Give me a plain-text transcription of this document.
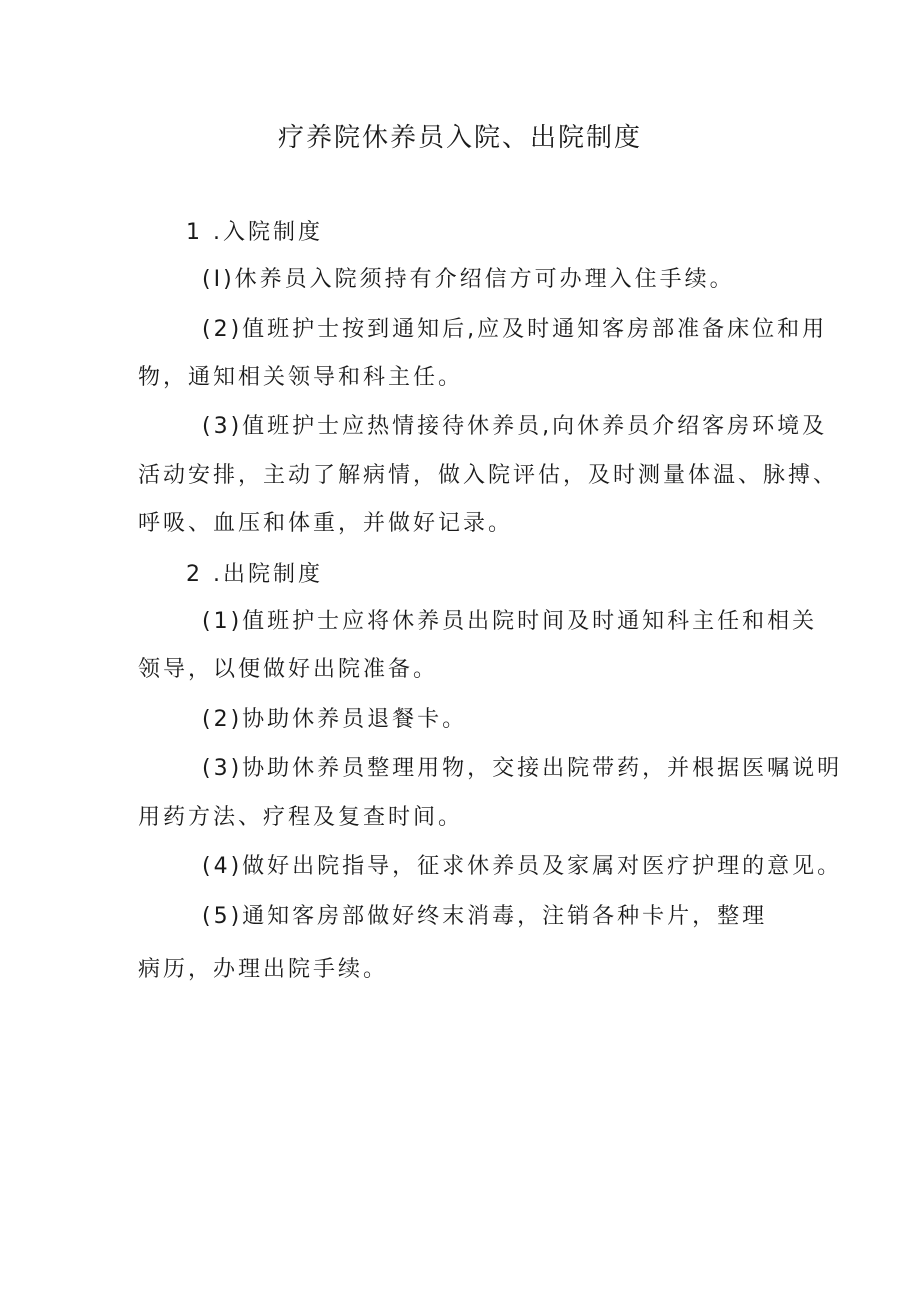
疗养院休养员入院、出院制度
1 .入院制度
(I)休养员入院须持有介绍信方可办理入住手续。
(2)值班护士按到通知后,应及时通知客房部准备床位和用
物，通知相关领导和科主任。
(3)值班护士应热情接待休养员,向休养员介绍客房环境及
活动安排，主动了解病情，做入院评估，及时测量体温、脉搏、
呼吸、血压和体重，并做好记录。
2 .出院制度
(1)值班护士应将休养员出院时间及时通知科主任和相关
领导，以便做好出院准备。
(2)协助休养员退餐卡。
(3)协助休养员整理用物，交接出院带药，并根据医嘱说明
用药方法、疗程及复查时间。
(4)做好出院指导，征求休养员及家属对医疗护理的意见。
(5)通知客房部做好终末消毒，注销各种卡片，整理
病历，办理出院手续。
